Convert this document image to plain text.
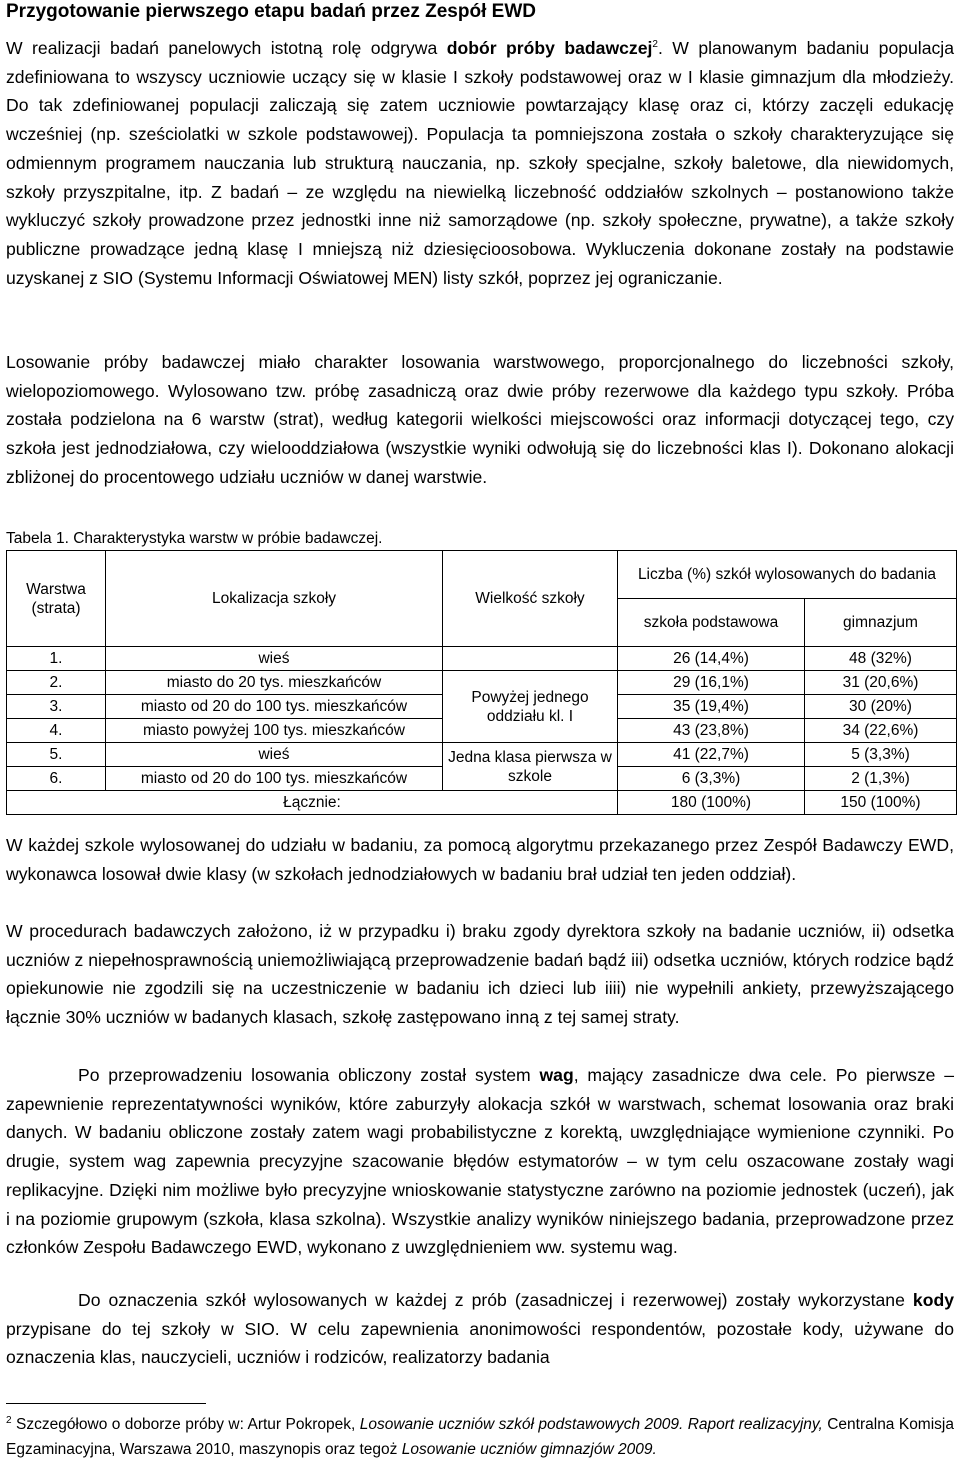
Przygotowanie pierwszego etapu badań przez Zespół EWD

W realizacji badań panelowych istotną rolę odgrywa dobór próby badawczej$^2$. W planowanym badaniu populacja zdefiniowana to wszyscy uczniowie uczący się w klasie I szkoły podstawowej oraz w I klasie gimnazjum dla młodzieży. Do tak zdefiniowanej populacji zaliczają się zatem uczniowie powtarzający klasę oraz ci, którzy zaczęli edukację wcześniej (np. sześciolatki w szkole podstawowej). Populacja ta pomniejszona została o szkoły charakteryzujące się odmiennym programem nauczania lub strukturą nauczania, np. szkoły specjalne, szkoły baletowe, dla niewidomych, szkoły przyszpitalne, itp. Z badań – ze względu na niewielką liczebność oddziałów szkolnych – postanowiono także wykluczyć szkoły prowadzone przez jednostki inne niż samorządowe (np. szkoły społeczne, prywatne), a także szkoły publiczne prowadzące jedną klasę I mniejszą niż dziesięcioosobowa. Wykluczenia dokonane zostały na podstawie uzyskanej z SIO (Systemu Informacji Oświatowej MEN) listy szkół, poprzez jej ograniczanie.

Losowanie próby badawczej miało charakter losowania warstwowego, proporcjonalnego do liczebności szkoły, wielopoziomowego. Wylosowano tzw. próbę zasadniczą oraz dwie próby rezerwowe dla każdego typu szkoły. Próba została podzielona na 6 warstw (strat), według kategorii wielkości miejscowości oraz informacji dotyczącej tego, czy szkoła jest jednodziałowa, czy wielooddziałowa (wszystkie wyniki odwołują się do liczebności klas I). Dokonano alokacji zbliżonej do procentowego udziału uczniów w danej warstwie.

Tabela 1. Charakterystyka warstw w próbie badawczej.

Warstwa (strata)	Lokalizacja szkoły	Wielkość szkoły	Liczba (%) szkół wylosowanych do badania	
			szkoła podstawowa	gimnazjum
1.	wieś		26 (14,4%)	48 (32%)
2.	miasto do 20 tys. mieszkańców	Powyżej jednego oddziału kl. I	29 (16,1%)	31 (20,6%)
3.	miasto od 20 do 100 tys. mieszkańców		35 (19,4%)	30 (20%)
4.	miasto powyżej 100 tys. mieszkańców		43 (23,8%)	34 (22,6%)
5.	wieś	Jedna klasa pierwsza w szkole	41 (22,7%)	5 (3,3%)
6.	miasto od 20 do 100 tys. mieszkańców		6 (3,3%)	2 (1,3%)
Łącznie:			180 (100%)	150 (100%)

W każdej szkole wylosowanej do udziału w badaniu, za pomocą algorytmu przekazanego przez Zespół Badawczy EWD, wykonawca losował dwie klasy (w szkołach jednodziałowych w badaniu brał udział ten jeden oddział).

W procedurach badawczych założono, iż w przypadku i) braku zgody dyrektora szkoły na badanie uczniów, ii) odsetka uczniów z niepełnosprawnością uniemożliwiającą przeprowadzenie badań bądź iii) odsetka uczniów, których rodzice bądź opiekunowie nie zgodzili się na uczestniczenie w badaniu ich dzieci lub iiii) nie wypełnili ankiety, przewyższającego łącznie 30% uczniów w badanych klasach, szkołę zastępowano inną z tej samej straty.

Po przeprowadzeniu losowania obliczony został system wag, mający zasadnicze dwa cele. Po pierwsze – zapewnienie reprezentatywności wyników, które zaburzyły alokacja szkół w warstwach, schemat losowania oraz braki danych. W badaniu obliczone zostały zatem wagi probabilistyczne z korektą, uwzględniające wymienione czynniki. Po drugie, system wag zapewnia precyzyjne szacowanie błędów estymatorów – w tym celu oszacowane zostały wagi replikacyjne. Dzięki nim możliwe było precyzyjne wnioskowanie statystyczne zarówno na poziomie jednostek (uczeń), jak i na poziomie grupowym (szkoła, klasa szkolna). Wszystkie analizy wyników niniejszego badania, przeprowadzone przez członków Zespołu Badawczego EWD, wykonano z uwzględnieniem ww. systemu wag.

Do oznaczenia szkół wylosowanych w każdej z prób (zasadniczej i rezerwowej) zostały wykorzystane kody przypisane do tej szkoły w SIO. W celu zapewnienia anonimowości respondentów, pozostałe kody, używane do oznaczenia klas, nauczycieli, uczniów i rodziców, realizatorzy badania

$^2$ Szczegółowo o doborze próby w: Artur Pokropek, Losowanie uczniów szkół podstawowych 2009. Raport realizacyjny, Centralna Komisja Egzaminacyjna, Warszawa 2010, maszynopis oraz tegoż Losowanie uczniów gimnazjów 2009.
